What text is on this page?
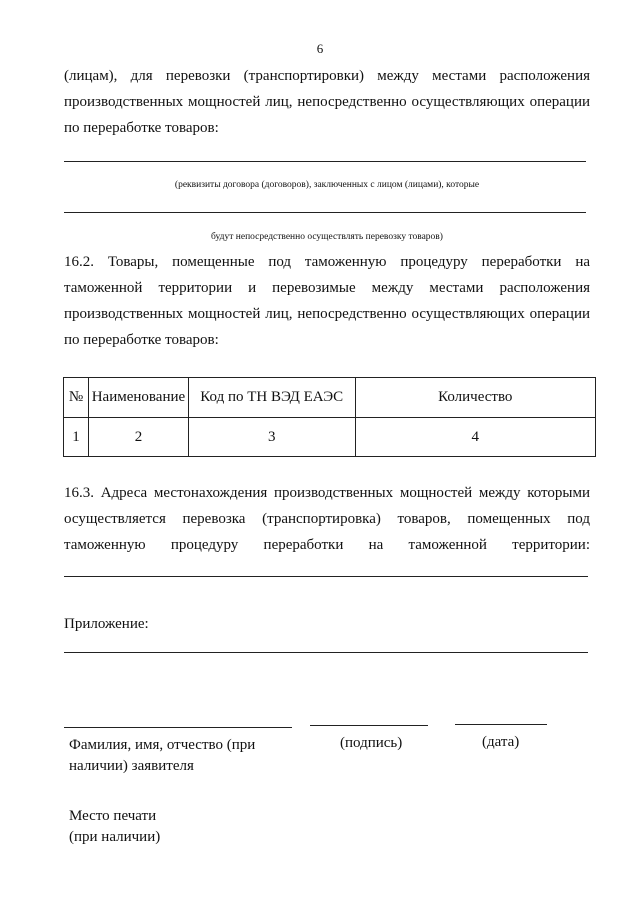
6
(лицам), для перевозки (транспортировки) между местами расположения
производственных мощностей лиц, непосредственно осуществляющих операции
по переработке товаров:
(реквизиты договора (договоров), заключенных с лицом (лицами), которые
будут непосредственно осуществлять перевозку товаров)
16.2. Товары, помещенные под таможенную процедуру переработки на
таможенной территории и перевозимые между местами расположения
производственных мощностей лиц, непосредственно осуществляющих операции
по переработке товаров:
№	Наименование	Код по ТН ВЭД ЕАЭС	Количество
1	2	3	4
16.3. Адреса местонахождения производственных мощностей между которыми
осуществляется перевозка (транспортировка) товаров, помещенных под
таможенную процедуру переработки на таможенной территории:
Приложение:
Фамилия, имя, отчество (при
наличии) заявителя
(подпись)	(дата)
Место печати
(при наличии)
